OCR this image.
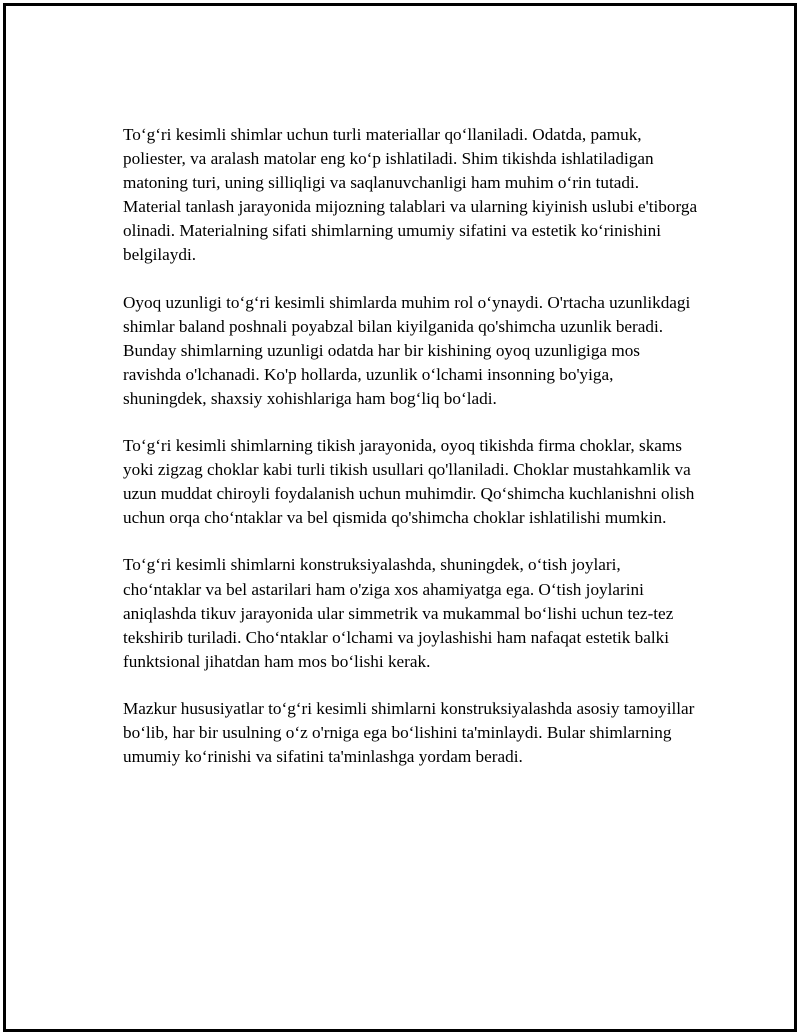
To‘g‘ri kesimli shimlar uchun turli materiallar qo‘llaniladi. Odatda, pamuk, poliester, va aralash matolar eng ko‘p ishlatiladi. Shim tikishda ishlatiladigan matoning turi, uning silliqligi va saqlanuvchanligi ham muhim o‘rin tutadi. Material tanlash jarayonida mijozning talablari va ularning kiyinish uslubi e'tiborga olinadi. Materialning sifati shimlarning umumiy sifatini va estetik ko‘rinishini belgilaydi.

Oyoq uzunligi to‘g‘ri kesimli shimlarda muhim rol o‘ynaydi. O'rtacha uzunlikdagi shimlar baland poshnali poyabzal bilan kiyilganida qo'shimcha uzunlik beradi. Bunday shimlarning uzunligi odatda har bir kishining oyoq uzunligiga mos ravishda o'lchanadi. Ko'p hollarda, uzunlik o‘lchami insonning bo'yiga, shuningdek, shaxsiy xohishlariga ham bog‘liq bo‘ladi.

To‘g‘ri kesimli shimlarning tikish jarayonida, oyoq tikishda firma choklar, skams yoki zigzag choklar kabi turli tikish usullari qo'llaniladi. Choklar mustahkamlik va uzun muddat chiroyli foydalanish uchun muhimdir. Qo‘shimcha kuchlanishni olish uchun orqa cho‘ntaklar va bel qismida qo'shimcha choklar ishlatilishi mumkin.

To‘g‘ri kesimli shimlarni konstruksiyalashda, shuningdek, o‘tish joylari, cho‘ntaklar va bel astarilari ham o'ziga xos ahamiyatga ega. O‘tish joylarini aniqlashda tikuv jarayonida ular simmetrik va mukammal bo‘lishi uchun tez-tez tekshirib turiladi. Cho‘ntaklar o‘lchami va joylashishi ham nafaqat estetik balki funktsional jihatdan ham mos bo‘lishi kerak.

Mazkur hususiyatlar to‘g‘ri kesimli shimlarni konstruksiyalashda asosiy tamoyillar bo‘lib, har bir usulning o‘z o'rniga ega bo‘lishini ta'minlaydi. Bular shimlarning umumiy ko‘rinishi va sifatini ta'minlashga yordam beradi.
